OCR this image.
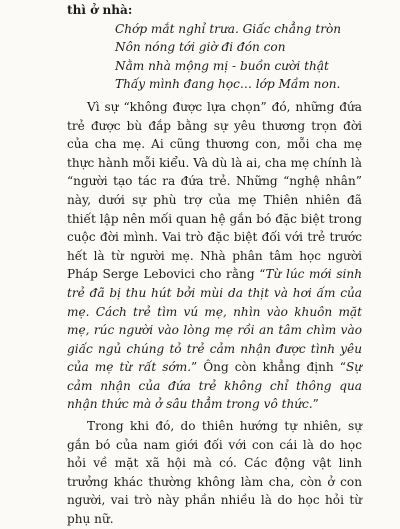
thì ở nhà:

Chớp mắt nghỉ trưa. Giấc chẳng tròn
Nôn nóng tới giờ đi đón con
Nằm nhà mộng mị - buồn cười thật
Thấy mình đang học… lớp Mầm non.

Vì sự “không được lựa chọn” đó, những đứa trẻ được bù đắp bằng sự yêu thương trọn đời của cha mẹ. Ai cũng thương con, mỗi cha mẹ thực hành mỗi kiểu. Và dù là ai, cha mẹ chính là “người tạo tác ra đứa trẻ. Những “nghệ nhân” này, dưới sự phù trợ của mẹ Thiên nhiên đã thiết lập nên mối quan hệ gắn bó đặc biệt trong cuộc đời mình. Vai trò đặc biệt đối với trẻ trước hết là từ người mẹ. Nhà phân tâm học người Pháp Serge Lebovici cho rằng “Từ lúc mới sinh trẻ đã bị thu hút bởi mùi da thịt và hơi ấm của mẹ. Cách trẻ tìm vú mẹ, nhìn vào khuôn mặt mẹ, rúc người vào lòng mẹ rồi an tâm chìm vào giấc ngủ chúng tỏ trẻ cảm nhận được tình yêu của mẹ từ rất sớm.” Ông còn khẳng định “Sự cảm nhận của đứa trẻ không chỉ thông qua nhận thức mà ở sâu thẳm trong vô thức.”

Trong khi đó, do thiên hướng tự nhiên, sự gắn bó của nam giới đối với con cái là do học hỏi về mặt xã hội mà có. Các động vật linh trưởng khác thường không làm cha, còn ở con người, vai trò này phần nhiều là do học hỏi từ phụ nữ.
